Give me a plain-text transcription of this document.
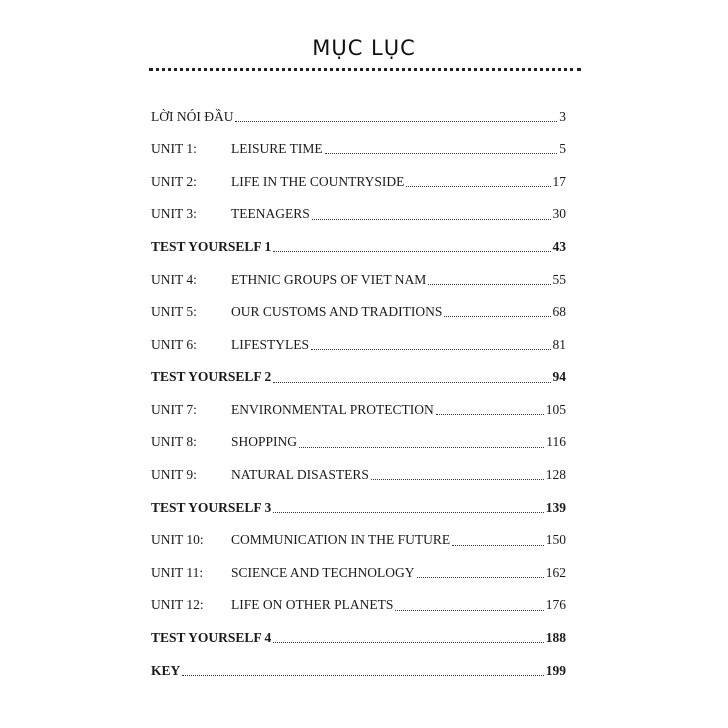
MỤC LỤC
LỜI NÓI ĐẦU	3
UNIT 1:	LEISURE TIME	5
UNIT 2:	LIFE IN THE COUNTRYSIDE	17
UNIT 3:	TEENAGERS	30
TEST YOURSELF 1	43
UNIT 4:	ETHNIC GROUPS OF VIET NAM	55
UNIT 5:	OUR CUSTOMS AND TRADITIONS	68
UNIT 6:	LIFESTYLES	81
TEST YOURSELF 2	94
UNIT 7:	ENVIRONMENTAL PROTECTION	105
UNIT 8:	SHOPPING	116
UNIT 9:	NATURAL DISASTERS	128
TEST YOURSELF 3	139
UNIT 10:	COMMUNICATION IN THE FUTURE	150
UNIT 11:	SCIENCE AND TECHNOLOGY	162
UNIT 12:	LIFE ON OTHER PLANETS	176
TEST YOURSELF 4	188
KEY	199
